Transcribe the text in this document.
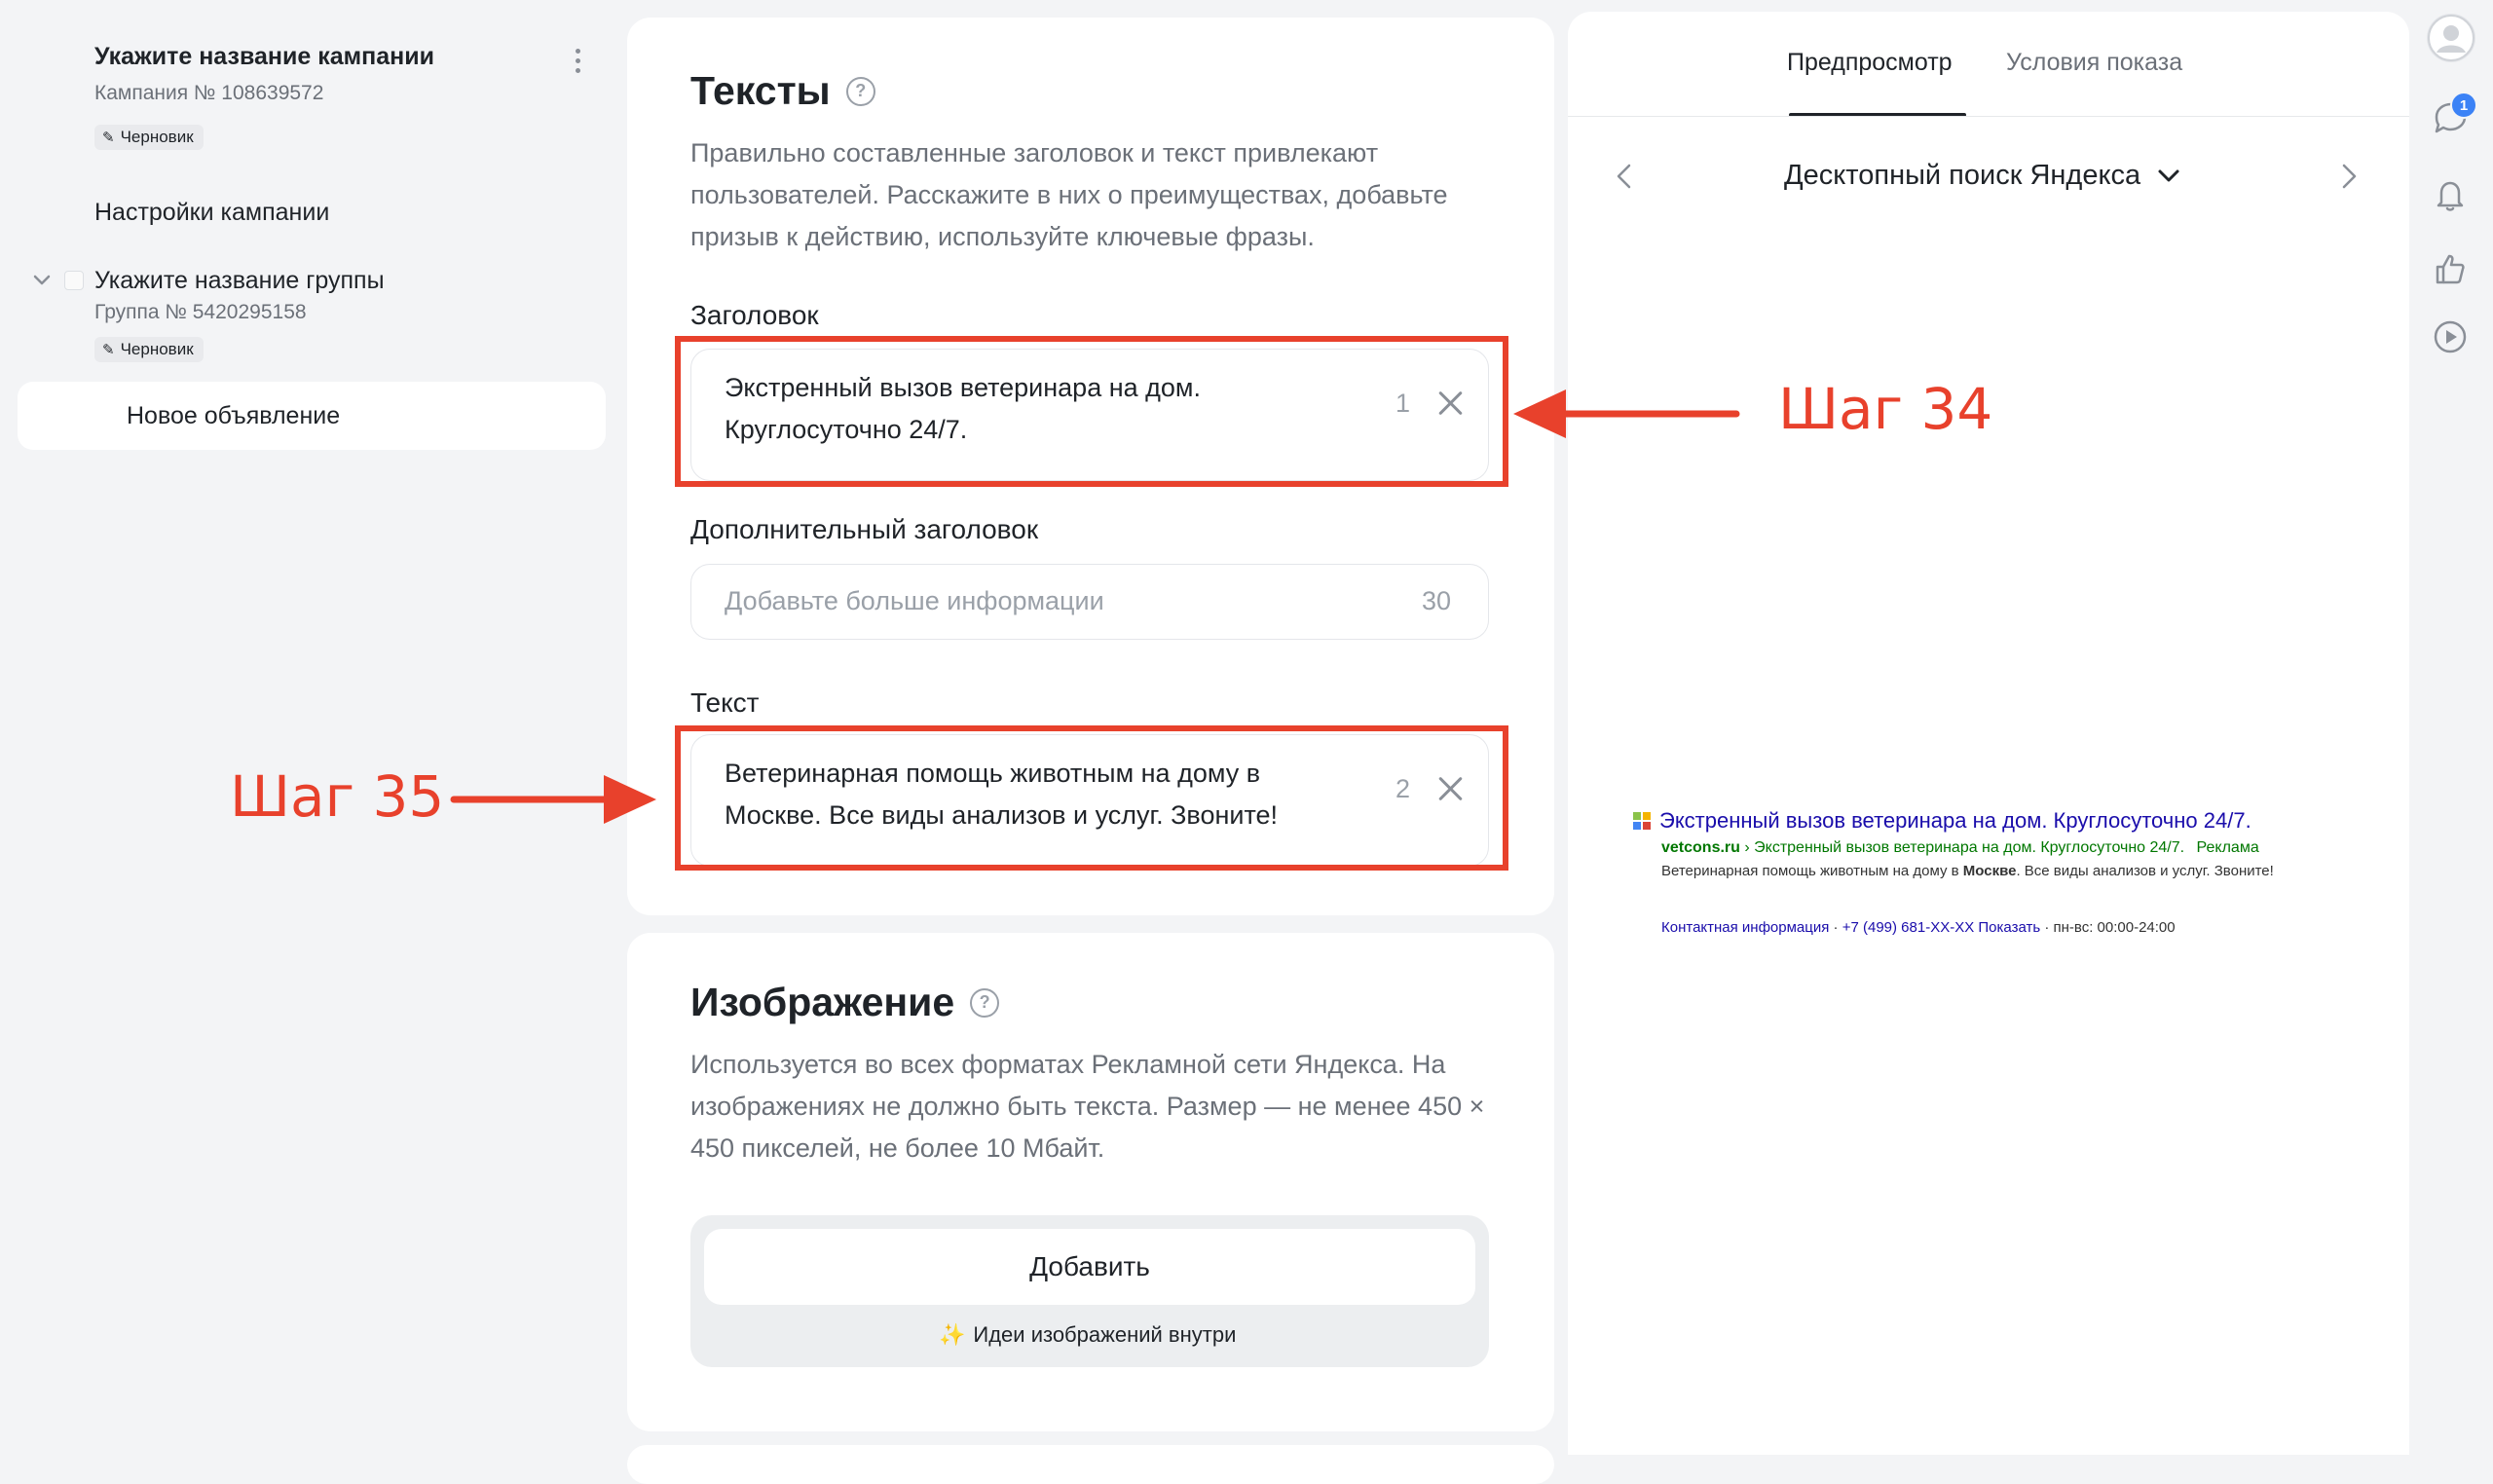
Укажите название кампании
Кампания № 108639572
✎ Черновик
Настройки кампании
Укажите название группы
Группа № 5420295158
✎ Черновик
Новое объявление
Тексты	?
Правильно составленные заголовок и текст привлекают пользователей. Расскажите в них о преимуществах, добавьте призыв к действию, используйте ключевые фразы.
Заголовок
Экстренный вызов ветеринара на дом. Круглосуточно 24/7.
1
Дополнительный заголовок
Добавьте больше информации	30
Текст
Ветеринарная помощь животным на дому в Москве. Все виды анализов и услуг. Звоните!
2
Изображение	?
Используется во всех форматах Рекламной сети Яндекса. На изображениях не должно быть текста. Размер — не менее 450 × 450 пикселей, не более 10 Мбайт.
Добавить
✨ Идеи изображений внутри
Предпросмотр Условия показа
Десктопный поиск Яндекса
Экстренный вызов ветеринара на дом. Круглосуточно 24/7.
vetcons.ru › Экстренный вызов ветеринара на дом. Круглосуточно 24/7. Реклама
Ветеринарная помощь животным на дому в Москве. Все виды анализов и услуг. Звоните!
Контактная информация · +7 (499) 681-XX-XX Показать · пн-вс: 00:00-24:00
1
Шаг 34
Шаг 35
